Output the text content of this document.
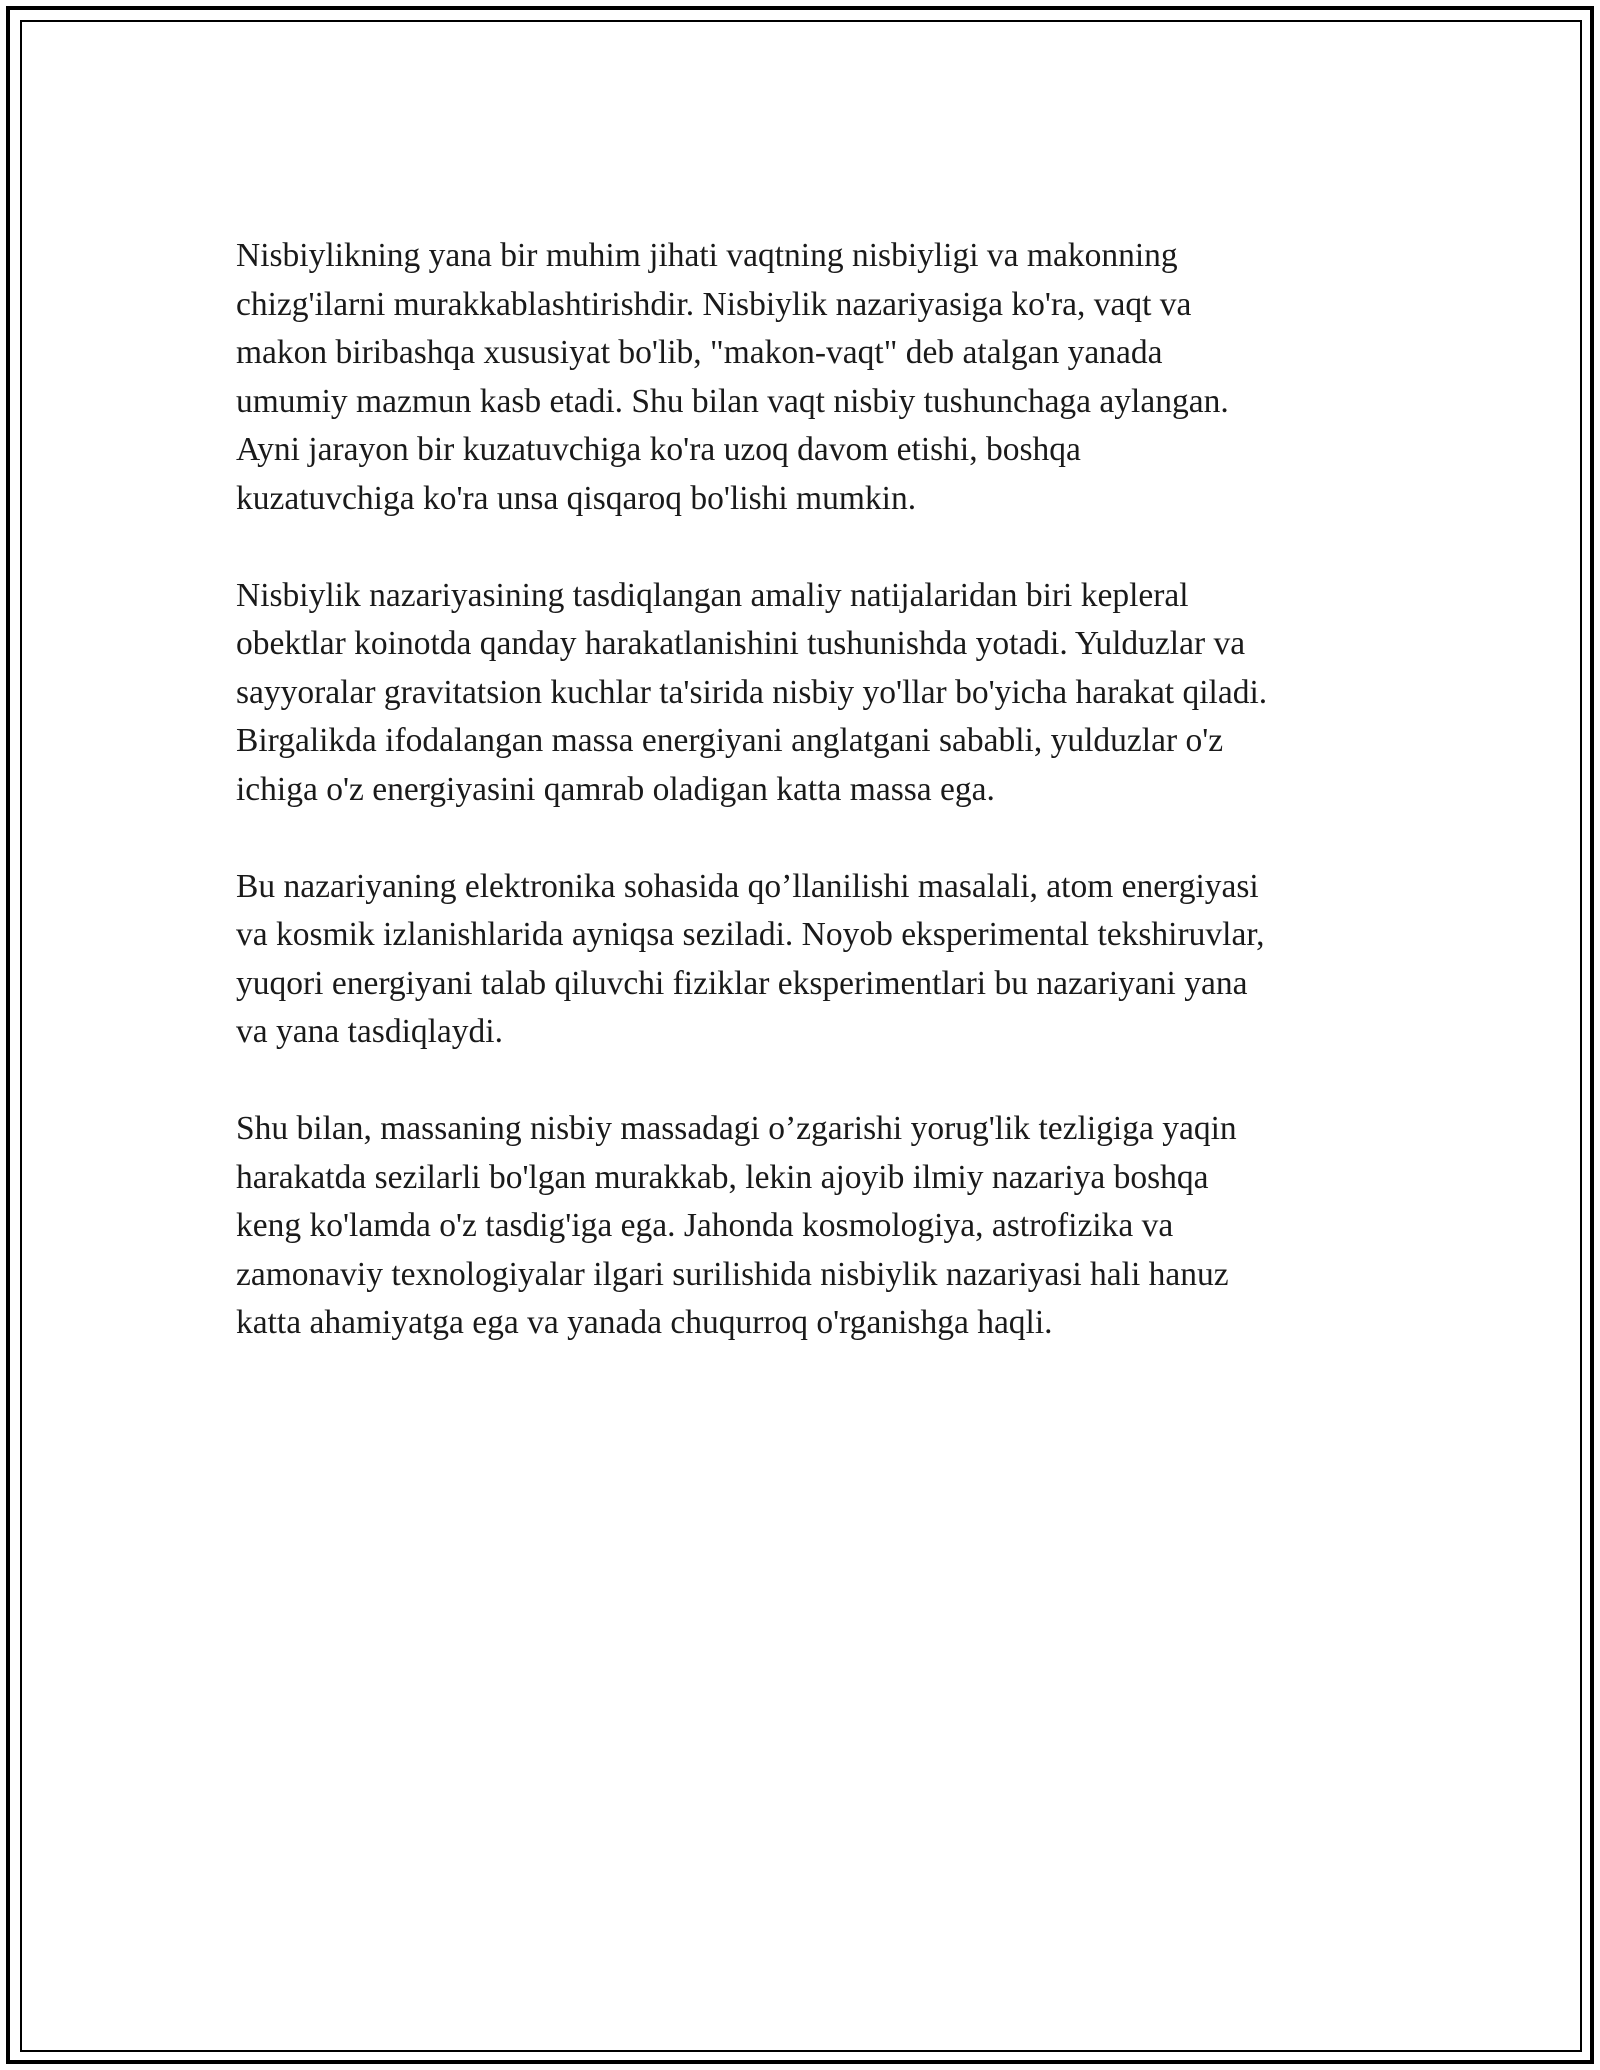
Nisbiylikning yana bir muhim jihati vaqtning nisbiyligi va makonning
chizg'ilarni murakkablashtirishdir. Nisbiylik nazariyasiga ko'ra, vaqt va
makon biribashqa xususiyat bo'lib, "makon-vaqt" deb atalgan yanada
umumiy mazmun kasb etadi. Shu bilan vaqt nisbiy tushunchaga aylangan.
Ayni jarayon bir kuzatuvchiga ko'ra uzoq davom etishi, boshqa
kuzatuvchiga ko'ra unsa qisqaroq bo'lishi mumkin.

Nisbiylik nazariyasining tasdiqlangan amaliy natijalaridan biri kepleral
obektlar koinotda qanday harakatlanishini tushunishda yotadi. Yulduzlar va
sayyoralar gravitatsion kuchlar ta'sirida nisbiy yo'llar bo'yicha harakat qiladi.
Birgalikda ifodalangan massa energiyani anglatgani sababli, yulduzlar o'z
ichiga o'z energiyasini qamrab oladigan katta massa ega.

Bu nazariyaning elektronika sohasida qo’llanilishi masalali, atom energiyasi
va kosmik izlanishlarida ayniqsa seziladi. Noyob eksperimental tekshiruvlar,
yuqori energiyani talab qiluvchi fiziklar eksperimentlari bu nazariyani yana
va yana tasdiqlaydi.

Shu bilan, massaning nisbiy massadagi o’zgarishi yorug'lik tezligiga yaqin
harakatda sezilarli bo'lgan murakkab, lekin ajoyib ilmiy nazariya boshqa
keng ko'lamda o'z tasdig'iga ega. Jahonda kosmologiya, astrofizika va
zamonaviy texnologiyalar ilgari surilishida nisbiylik nazariyasi hali hanuz
katta ahamiyatga ega va yanada chuqurroq o'rganishga haqli.
